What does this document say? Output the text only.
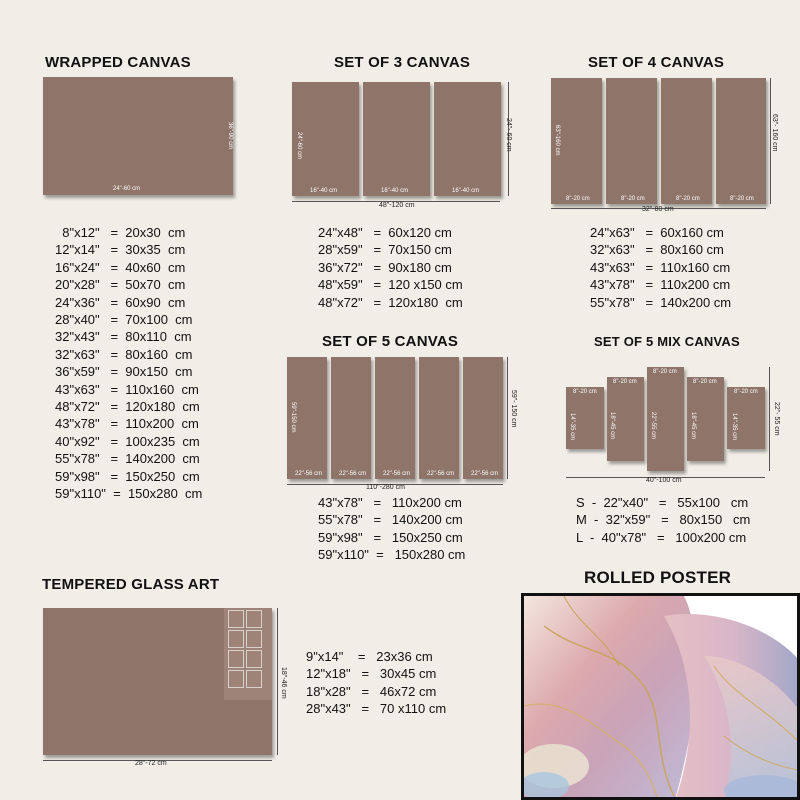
WRAPPED CANVAS
24"-60 cm
36"-90 cm
8"x12"   =  20x30  cm
12"x14"   =  30x35  cm
16"x24"   =  40x60  cm
20"x28"   =  50x70  cm
24"x36"   =  60x90  cm
28"x40"   =  70x100  cm
32"x43"   =  80x110  cm
32"x63"   =  80x160  cm
36"x59"   =  90x150  cm
43"x63"   =  110x160  cm
48"x72"   =  120x180  cm
43"x78"   =  110x200  cm
40"x92"   =  100x235  cm
55"x78"   =  140x200  cm
59"x98"   =  150x250  cm
59"x110"  =  150x280  cm
SET OF 3 CANVAS
24"-60 cm
16"-40 cm	16"-40 cm	16"-40 cm
48"-120 cm
24"- 60 cm
24"x48"   =  60x120 cm
28"x59"   =  70x150 cm
36"x72"   =  90x180 cm
48"x59"   =  120 x150 cm
48"x72"   =  120x180  cm
SET OF 4 CANVAS
63"-160 cm
8"-20 cm	8"-20 cm	8"-20 cm	8"-20 cm
32"-80 cm
63"- 160 cm
24"x63"   =  60x160 cm
32"x63"   =  80x160 cm
43"x63"   =  110x160 cm
43"x78"   =  110x200 cm
55"x78"   =  140x200 cm
SET OF 5 CANVAS
59"-150 cm
22"-56 cm	22"-56 cm	22"-56 cm	22"-56 cm	22"-56 cm
110"-280 cm
59"- 150 cm
43"x78"   =   110x200 cm
55"x78"   =   140x200 cm
59"x98"   =   150x250 cm
59"x110"  =   150x280 cm
SET OF 5 MIX CANVAS
8"-20 cm
8"-20 cm
8"-20 cm
8"-20 cm
8"-20 cm
14"-35 cm	18"-45 cm	22"-55 cm	18"-45 cm	14"-35 cm
40"-100 cm
22"- 55 cm
S  -  22"x40"   =   55x100   cm
M  -  32"x59"   =   80x150   cm
L  -  40"x78"   =   100x200 cm
TEMPERED GLASS ART
28"-72 cm
18"-46 cm
9"x14"    =   23x36 cm
12"x18"   =   30x45 cm
18"x28"   =   46x72 cm
28"x43"   =   70 x110 cm
ROLLED POSTER
